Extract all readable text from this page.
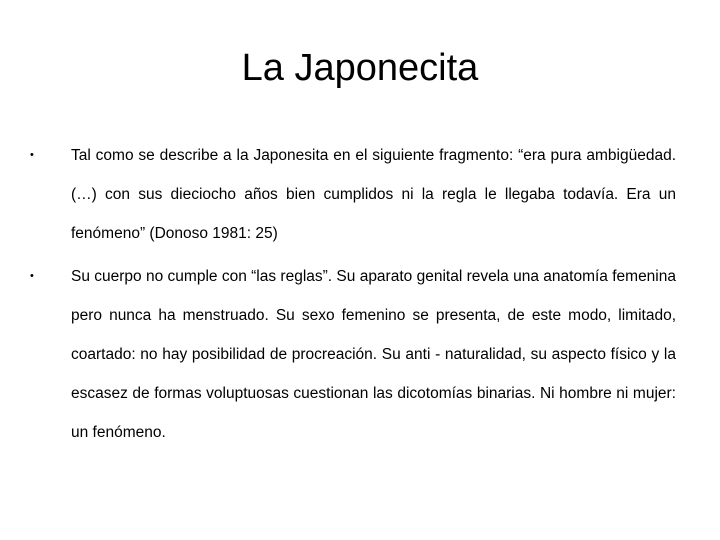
La Japonecita
• Tal como se describe a la Japonesita en el siguiente fragmento: “era pura ambigüedad. (…) con sus dieciocho años bien cumplidos ni la regla le llegaba todavía. Era un fenómeno” (Donoso 1981: 25)
• Su cuerpo no cumple con “las reglas”. Su aparato genital revela una anatomía femenina pero nunca ha menstruado. Su sexo femenino se presenta, de este modo, limitado, coartado: no hay posibilidad de procreación. Su anti - naturalidad, su aspecto físico y la escasez de formas voluptuosas cuestionan las dicotomías binarias. Ni hombre ni mujer: un fenómeno.
